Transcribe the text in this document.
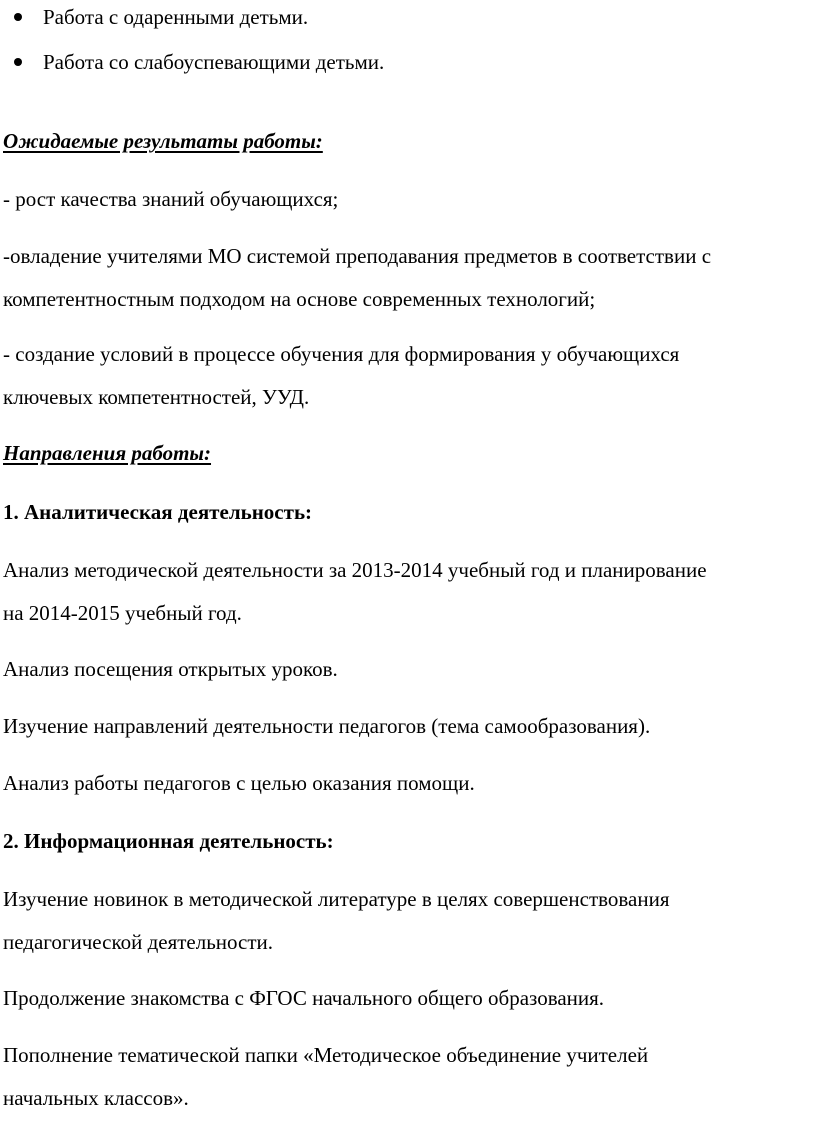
Работа с одаренными детьми.
Работа со слабоуспевающими детьми.
Ожидаемые результаты работы:
- рост качества знаний обучающихся;
-овладение учителями МО системой преподавания предметов в соответствии с
компетентностным подходом на основе современных технологий;
- создание условий в процессе обучения для формирования у обучающихся
ключевых компетентностей, УУД.
Направления работы:
1. Аналитическая деятельность:
Анализ методической деятельности за 2013-2014 учебный год и планирование
на 2014-2015 учебный год.
Анализ посещения открытых уроков.
Изучение направлений деятельности педагогов (тема самообразования).
Анализ работы педагогов с целью оказания помощи.
2. Информационная деятельность:
Изучение новинок в методической литературе в целях совершенствования
педагогической деятельности.
Продолжение знакомства с ФГОС начального общего образования.
Пополнение тематической папки «Методическое объединение учителей
начальных классов».
